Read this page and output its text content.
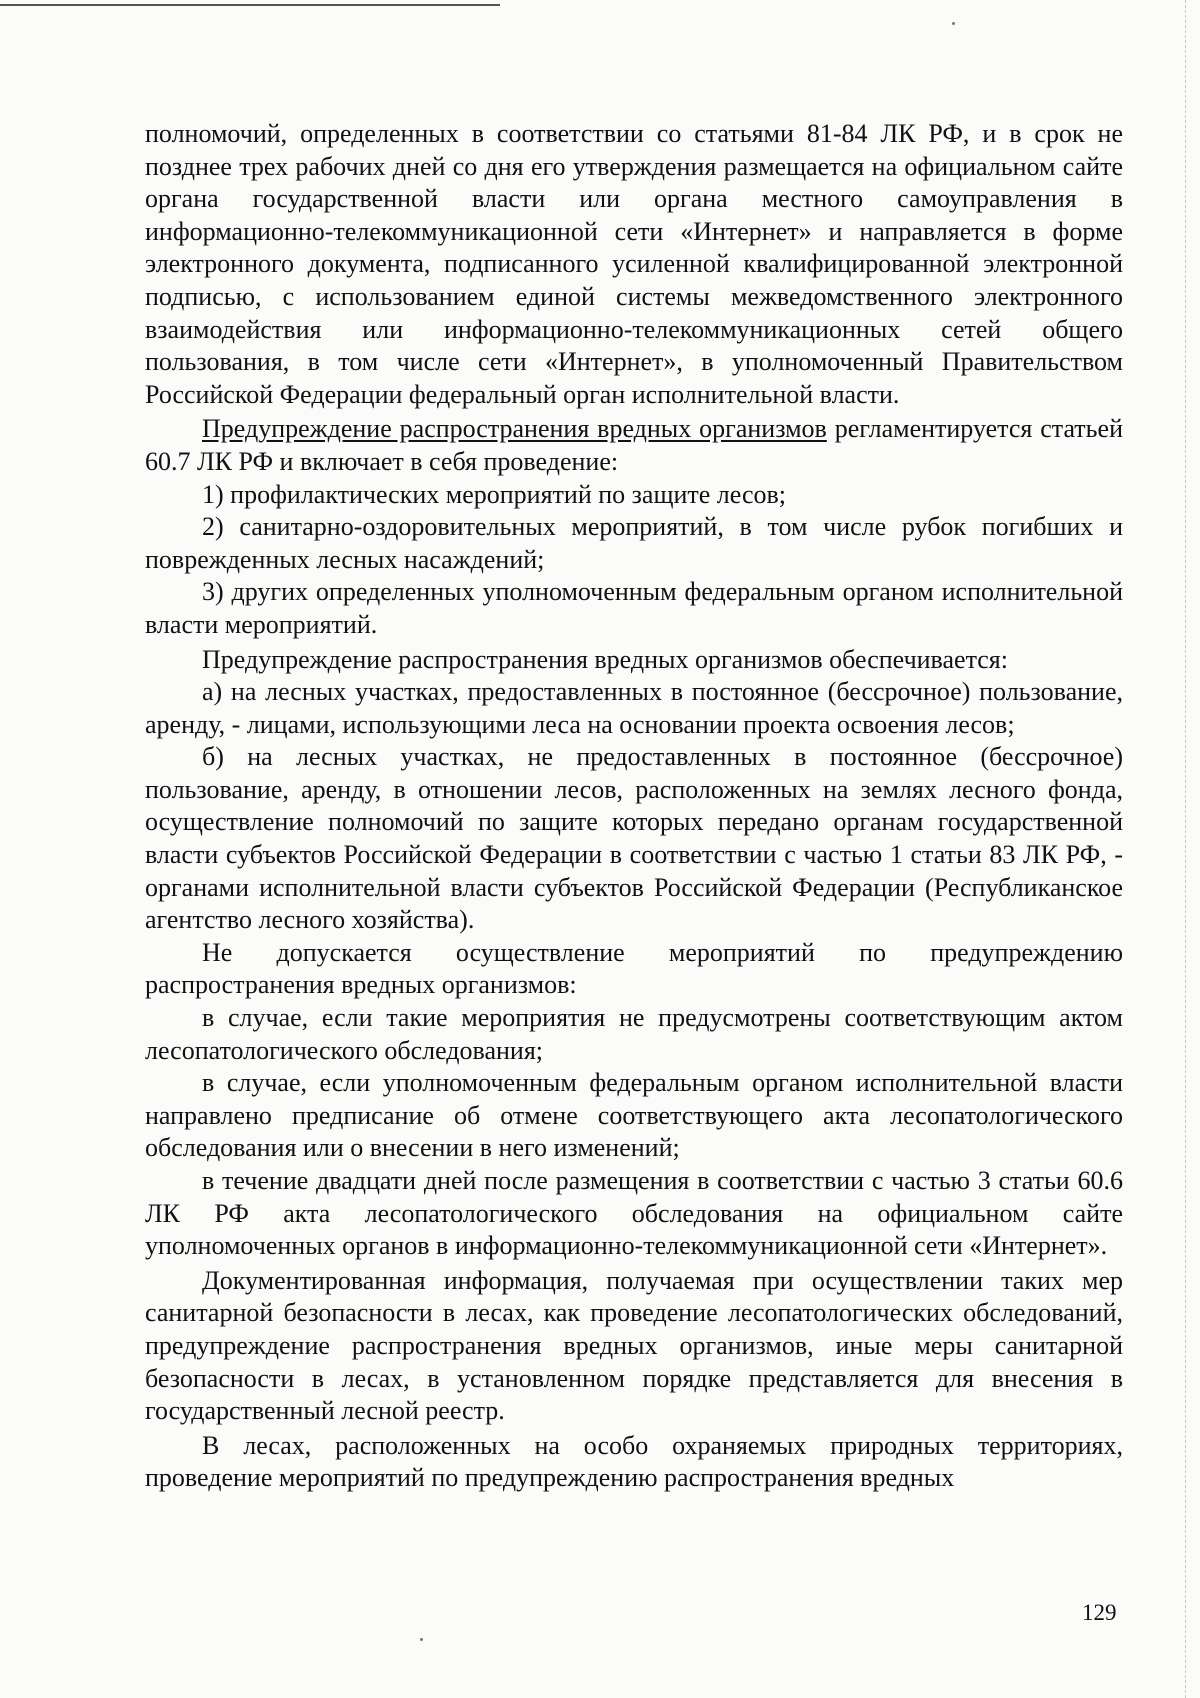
полномочий, определенных в соответствии со статьями 81-84 ЛК РФ, и в срок не позднее трех рабочих дней со дня его утверждения размещается на официальном сайте органа государственной власти или органа местного самоуправления в информационно-телекоммуникационной сети «Интернет» и направляется в форме электронного документа, подписанного усиленной квалифицированной электронной подписью, с использованием единой системы межведомственного электронного взаимодействия или информационно-телекоммуникационных сетей общего пользования, в том числе сети «Интернет», в уполномоченный Правительством Российской Федерации федеральный орган исполнительной власти.

Предупреждение распространения вредных организмов регламентируется статьей 60.7 ЛК РФ и включает в себя проведение:

1) профилактических мероприятий по защите лесов;

2) санитарно-оздоровительных мероприятий, в том числе рубок погибших и поврежденных лесных насаждений;

3) других определенных уполномоченным федеральным органом исполнительной власти мероприятий.

Предупреждение распространения вредных организмов обеспечивается:

а) на лесных участках, предоставленных в постоянное (бессрочное) пользование, аренду, - лицами, использующими леса на основании проекта освоения лесов;

б) на лесных участках, не предоставленных в постоянное (бессрочное) пользование, аренду, в отношении лесов, расположенных на землях лесного фонда, осуществление полномочий по защите которых передано органам государственной власти субъектов Российской Федерации в соответствии с частью 1 статьи 83 ЛК РФ, - органами исполнительной власти субъектов Российской Федерации (Республиканское агентство лесного хозяйства).

Не допускается осуществление мероприятий по предупреждению распространения вредных организмов:

в случае, если такие мероприятия не предусмотрены соответствующим актом лесопатологического обследования;

в случае, если уполномоченным федеральным органом исполнительной власти направлено предписание об отмене соответствующего акта лесопатологического обследования или о внесении в него изменений;

в течение двадцати дней после размещения в соответствии с частью 3 статьи 60.6 ЛК РФ акта лесопатологического обследования на официальном сайте уполномоченных органов в информационно-телекоммуникационной сети «Интернет».

Документированная информация, получаемая при осуществлении таких мер санитарной безопасности в лесах, как проведение лесопатологических обследований, предупреждение распространения вредных организмов, иные меры санитарной безопасности в лесах, в установленном порядке представляется для внесения в государственный лесной реестр.

В лесах, расположенных на особо охраняемых природных территориях, проведение мероприятий по предупреждению распространения вредных

129
